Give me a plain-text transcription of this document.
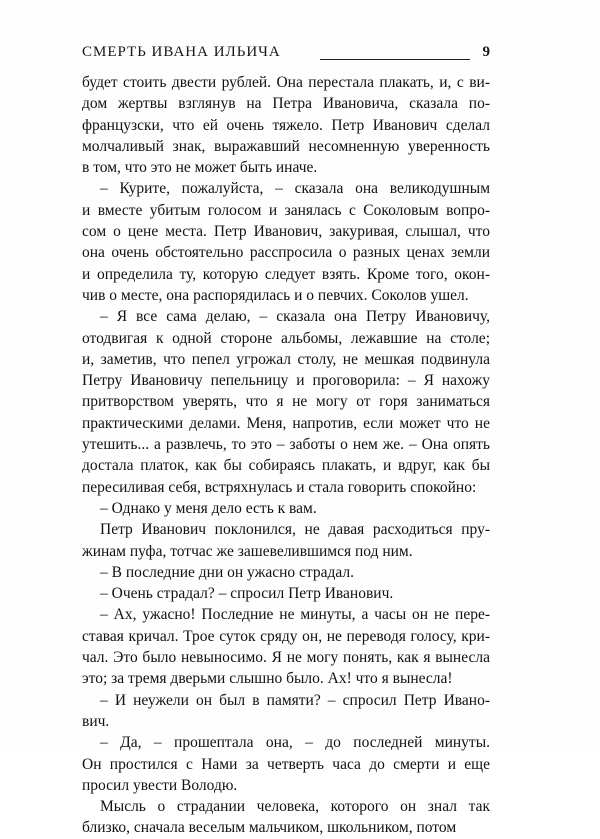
СМЕРТЬ ИВАНА ИЛЬИЧА	9
будет стоить двести рублей. Она перестала плакать, и, с ви-
дом жертвы взглянув на Петра Ивановича, сказала по-
французски, что ей очень тяжело. Петр Иванович сделал
молчаливый знак, выражавший несомненную уверенность
в том, что это не может быть иначе.
– Курите, пожалуйста, – сказала она великодушным
и вместе убитым голосом и занялась с Соколовым вопро-
сом о цене места. Петр Иванович, закуривая, слышал, что
она очень обстоятельно расспросила о разных ценах земли
и определила ту, которую следует взять. Кроме того, окон-
чив о месте, она распорядилась и о певчих. Соколов ушел.
– Я все сама делаю, – сказала она Петру Ивановичу,
отодвигая к одной стороне альбомы, лежавшие на столе;
и, заметив, что пепел угрожал столу, не мешкая подвинула
Петру Ивановичу пепельницу и проговорила: – Я нахожу
притворством уверять, что я не могу от горя заниматься
практическими делами. Меня, напротив, если может что не
утешить... а развлечь, то это – заботы о нем же. – Она опять
достала платок, как бы собираясь плакать, и вдруг, как бы
пересиливая себя, встряхнулась и стала говорить спокойно:
– Однако у меня дело есть к вам.
Петр Иванович поклонился, не давая расходиться пру-
жинам пуфа, тотчас же зашевелившимся под ним.
– В последние дни он ужасно страдал.
– Очень страдал? – спросил Петр Иванович.
– Ах, ужасно! Последние не минуты, а часы он не пере-
ставая кричал. Трое суток сряду он, не переводя голосу, кри-
чал. Это было невыносимо. Я не могу понять, как я вынесла
это; за тремя дверьми слышно было. Ах! что я вынесла!
– И неужели он был в памяти? – спросил Петр Ивано-
вич.
– Да, – прошептала она, – до последней минуты.
Он простился с Нами за четверть часа до смерти и еще
просил увести Володю.
Мысль о страдании человека, которого он знал так
близко, сначала веселым мальчиком, школьником, потом
